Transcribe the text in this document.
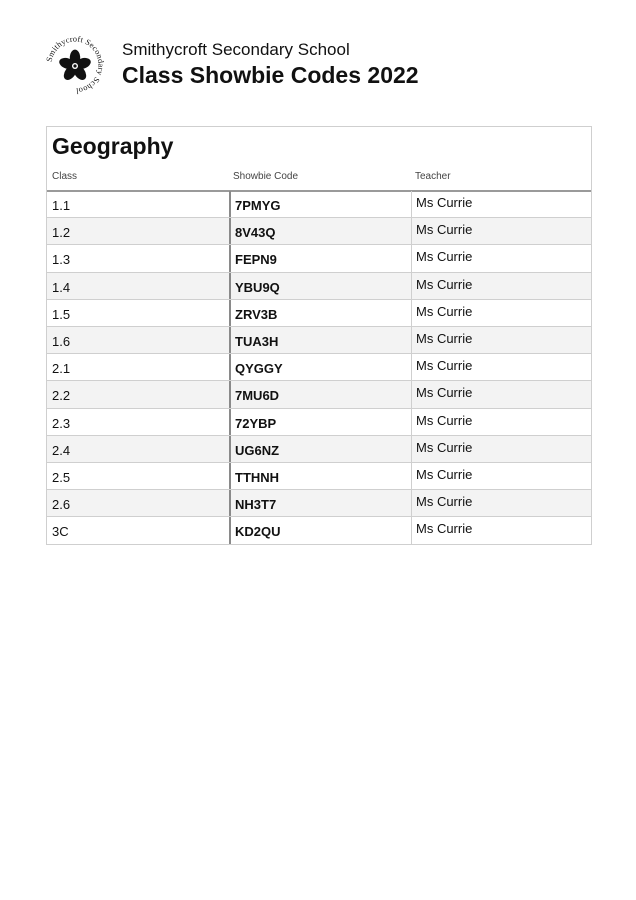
Smithycroft Secondary School
Smithycroft Secondary School
Class Showbie Codes 2022
Geography
Class	Showbie Code	Teacher
1.1	7PMYG	Ms Currie
1.2	8V43Q	Ms Currie
1.3	FEPN9	Ms Currie
1.4	YBU9Q	Ms Currie
1.5	ZRV3B	Ms Currie
1.6	TUA3H	Ms Currie
2.1	QYGGY	Ms Currie
2.2	7MU6D	Ms Currie
2.3	72YBP	Ms Currie
2.4	UG6NZ	Ms Currie
2.5	TTHNH	Ms Currie
2.6	NH3T7	Ms Currie
3C	KD2QU	Ms Currie
